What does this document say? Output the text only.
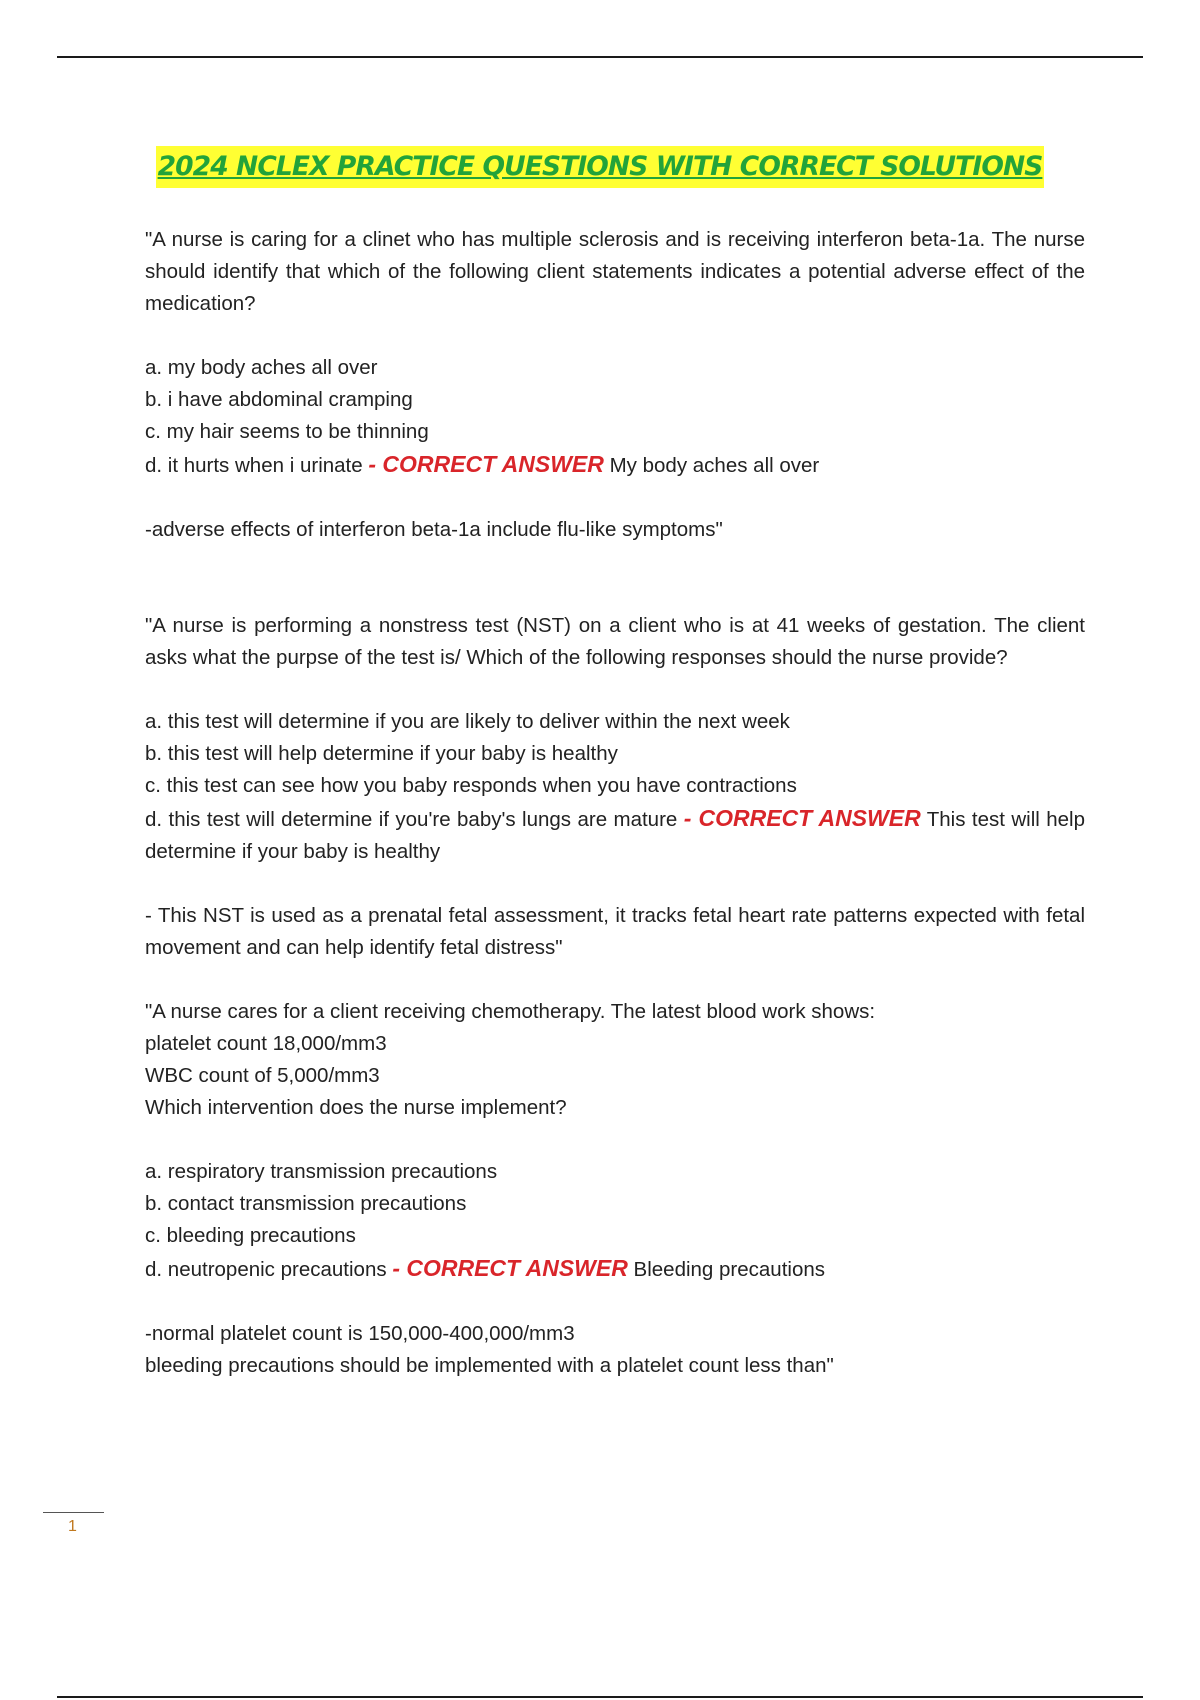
2024 NCLEX PRACTICE QUESTIONS WITH CORRECT SOLUTIONS

"A nurse is caring for a clinet who has multiple sclerosis and is receiving interferon beta-1a. The nurse should identify that which of the following client statements indicates a potential adverse effect of the medication?

a. my body aches all over

b. i have abdominal cramping

c. my hair seems to be thinning

d. it hurts when i urinate - CORRECT ANSWER My body aches all over

-adverse effects of interferon beta-1a include flu-like symptoms"

"A nurse is performing a nonstress test (NST) on a client who is at 41 weeks of gestation. The client asks what the purpse of the test is/ Which of the following responses should the nurse provide?

a. this test will determine if you are likely to deliver within the next week

b. this test will help determine if your baby is healthy

c. this test can see how you baby responds when you have contractions

d. this test will determine if you're baby's lungs are mature - CORRECT ANSWER This test will help determine if your baby is healthy

- This NST is used as a prenatal fetal assessment, it tracks fetal heart rate patterns expected with fetal movement and can help identify fetal distress"

"A nurse cares for a client receiving chemotherapy. The latest blood work shows:

platelet count 18,000/mm3

WBC count of 5,000/mm3

Which intervention does the nurse implement?

a. respiratory transmission precautions

b. contact transmission precautions

c. bleeding precautions

d. neutropenic precautions - CORRECT ANSWER Bleeding precautions

-normal platelet count is 150,000-400,000/mm3

bleeding precautions should be implemented with a platelet count less than"

1
